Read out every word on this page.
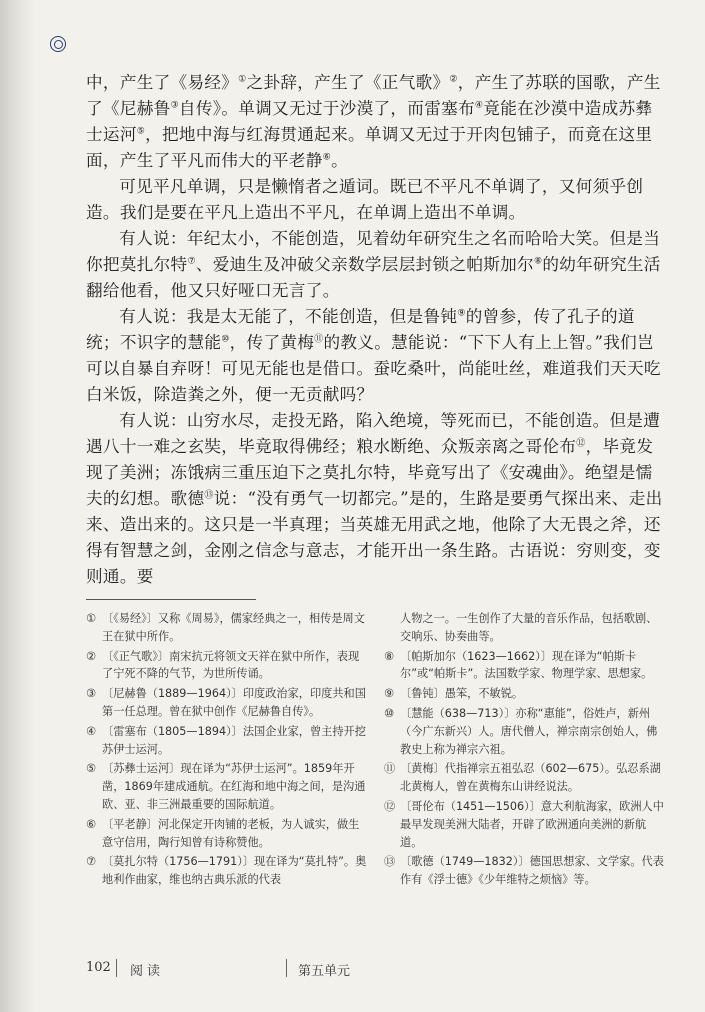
中，产生了《易经》①之卦辞，产生了《正气歌》②，产生了苏联的国歌，产生了《尼赫鲁③自传》。单调又无过于沙漠了，而雷塞布④竟能在沙漠中造成苏彝士运河⑤，把地中海与红海贯通起来。单调又无过于开肉包铺子，而竟在这里面，产生了平凡而伟大的平老静⑥。

可见平凡单调，只是懒惰者之遁词。既已不平凡不单调了，又何须乎创造。我们是要在平凡上造出不平凡，在单调上造出不单调。

有人说：年纪太小，不能创造，见着幼年研究生之名而哈哈大笑。但是当你把莫扎尔特⑦、爱迪生及冲破父亲数学层层封锁之帕斯加尔⑧的幼年研究生活翻给他看，他又只好哑口无言了。

有人说：我是太无能了，不能创造，但是鲁钝⑨的曾参，传了孔子的道统；不识字的慧能⑩，传了黄梅⑪的教义。慧能说：“下下人有上上智。”我们岂可以自暴自弃呀！可见无能也是借口。蚕吃桑叶，尚能吐丝，难道我们天天吃白米饭，除造粪之外，便一无贡献吗？

有人说：山穷水尽，走投无路，陷入绝境，等死而已，不能创造。但是遭遇八十一难之玄奘，毕竟取得佛经；粮水断绝、众叛亲离之哥伦布⑫，毕竟发现了美洲；冻饿病三重压迫下之莫扎尔特，毕竟写出了《安魂曲》。绝望是懦夫的幻想。歌德⑬说：“没有勇气一切都完。”是的，生路是要勇气探出来、走出来、造出来的。这只是一半真理；当英雄无用武之地，他除了大无畏之斧，还得有智慧之剑，金刚之信念与意志，才能开出一条生路。古语说：穷则变，变则通。要

① 〔《易经》〕又称《周易》，儒家经典之一，相传是周文王在狱中所作。
② 〔《正气歌》〕南宋抗元将领文天祥在狱中所作，表现了宁死不降的气节，为世所传诵。
③ 〔尼赫鲁（1889—1964）〕印度政治家，印度共和国第一任总理。曾在狱中创作《尼赫鲁自传》。
④ 〔雷塞布（1805—1894）〕法国企业家，曾主持开挖苏伊士运河。
⑤ 〔苏彝士运河〕现在译为“苏伊士运河”。1859年开凿，1869年建成通航。在红海和地中海之间，是沟通欧、亚、非三洲最重要的国际航道。
⑥ 〔平老静〕河北保定开肉铺的老板，为人诚实，做生意守信用，陶行知曾有诗称赞他。
⑦ 〔莫扎尔特（1756—1791）〕现在译为“莫扎特”。奥地利作曲家，维也纳古典乐派的代表
人物之一。一生创作了大量的音乐作品，包括歌剧、交响乐、协奏曲等。
⑧ 〔帕斯加尔（1623—1662）〕现在译为“帕斯卡尔”或“帕斯卡”。法国数学家、物理学家、思想家。
⑨ 〔鲁钝〕愚笨，不敏锐。
⑩ 〔慧能（638—713）〕亦称“惠能”，俗姓卢，新州（今广东新兴）人。唐代僧人，禅宗南宗创始人，佛教史上称为禅宗六祖。
⑪ 〔黄梅〕代指禅宗五祖弘忍（602—675）。弘忍系湖北黄梅人，曾在黄梅东山讲经说法。
⑫ 〔哥伦布（1451—1506）〕意大利航海家，欧洲人中最早发现美洲大陆者，开辟了欧洲通向美洲的新航道。
⑬ 〔歌德（1749—1832）〕德国思想家、文学家。代表作有《浮士德》《少年维特之烦恼》等。
102 阅读	第五单元
